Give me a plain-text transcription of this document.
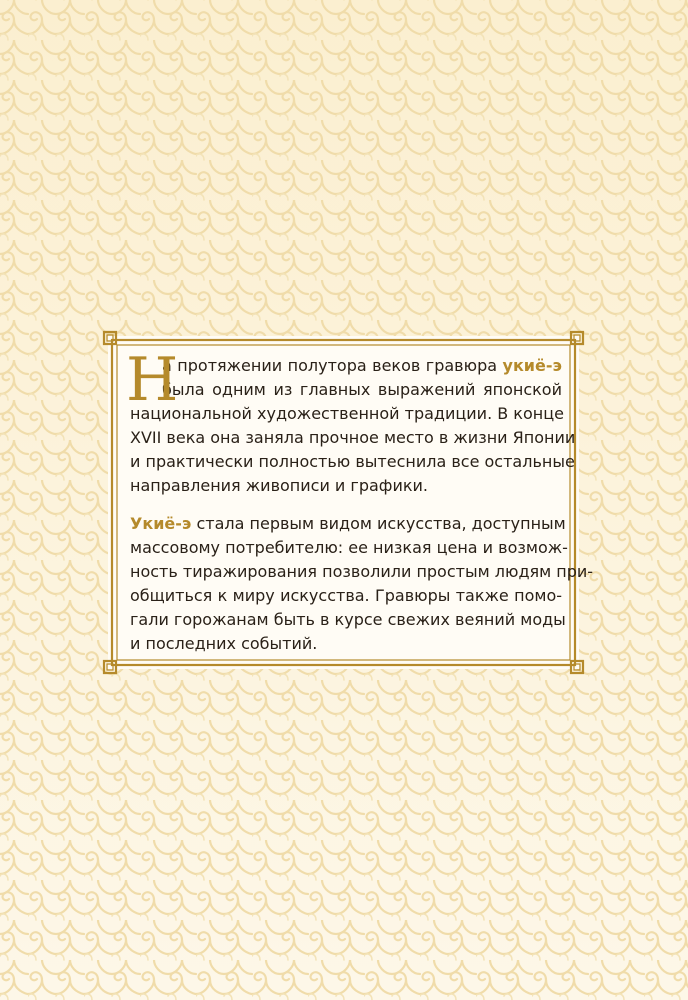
Н
а протяжении полутора веков гравюра укиё-э
была одним из главных выражений японской
национальной художественной традиции. В конце
XVII века она заняла прочное место в жизни Японии
и практически полностью вытеснила все остальные
направления живописи и графики.
Укиё-э стала первым видом искусства, доступным
массовому потребителю: ее низкая цена и возмож-
ность тиражирования позволили простым людям при-
общиться к миру искусства. Гравюры также помо-
гали горожанам быть в курсе свежих веяний моды
и последних событий.
